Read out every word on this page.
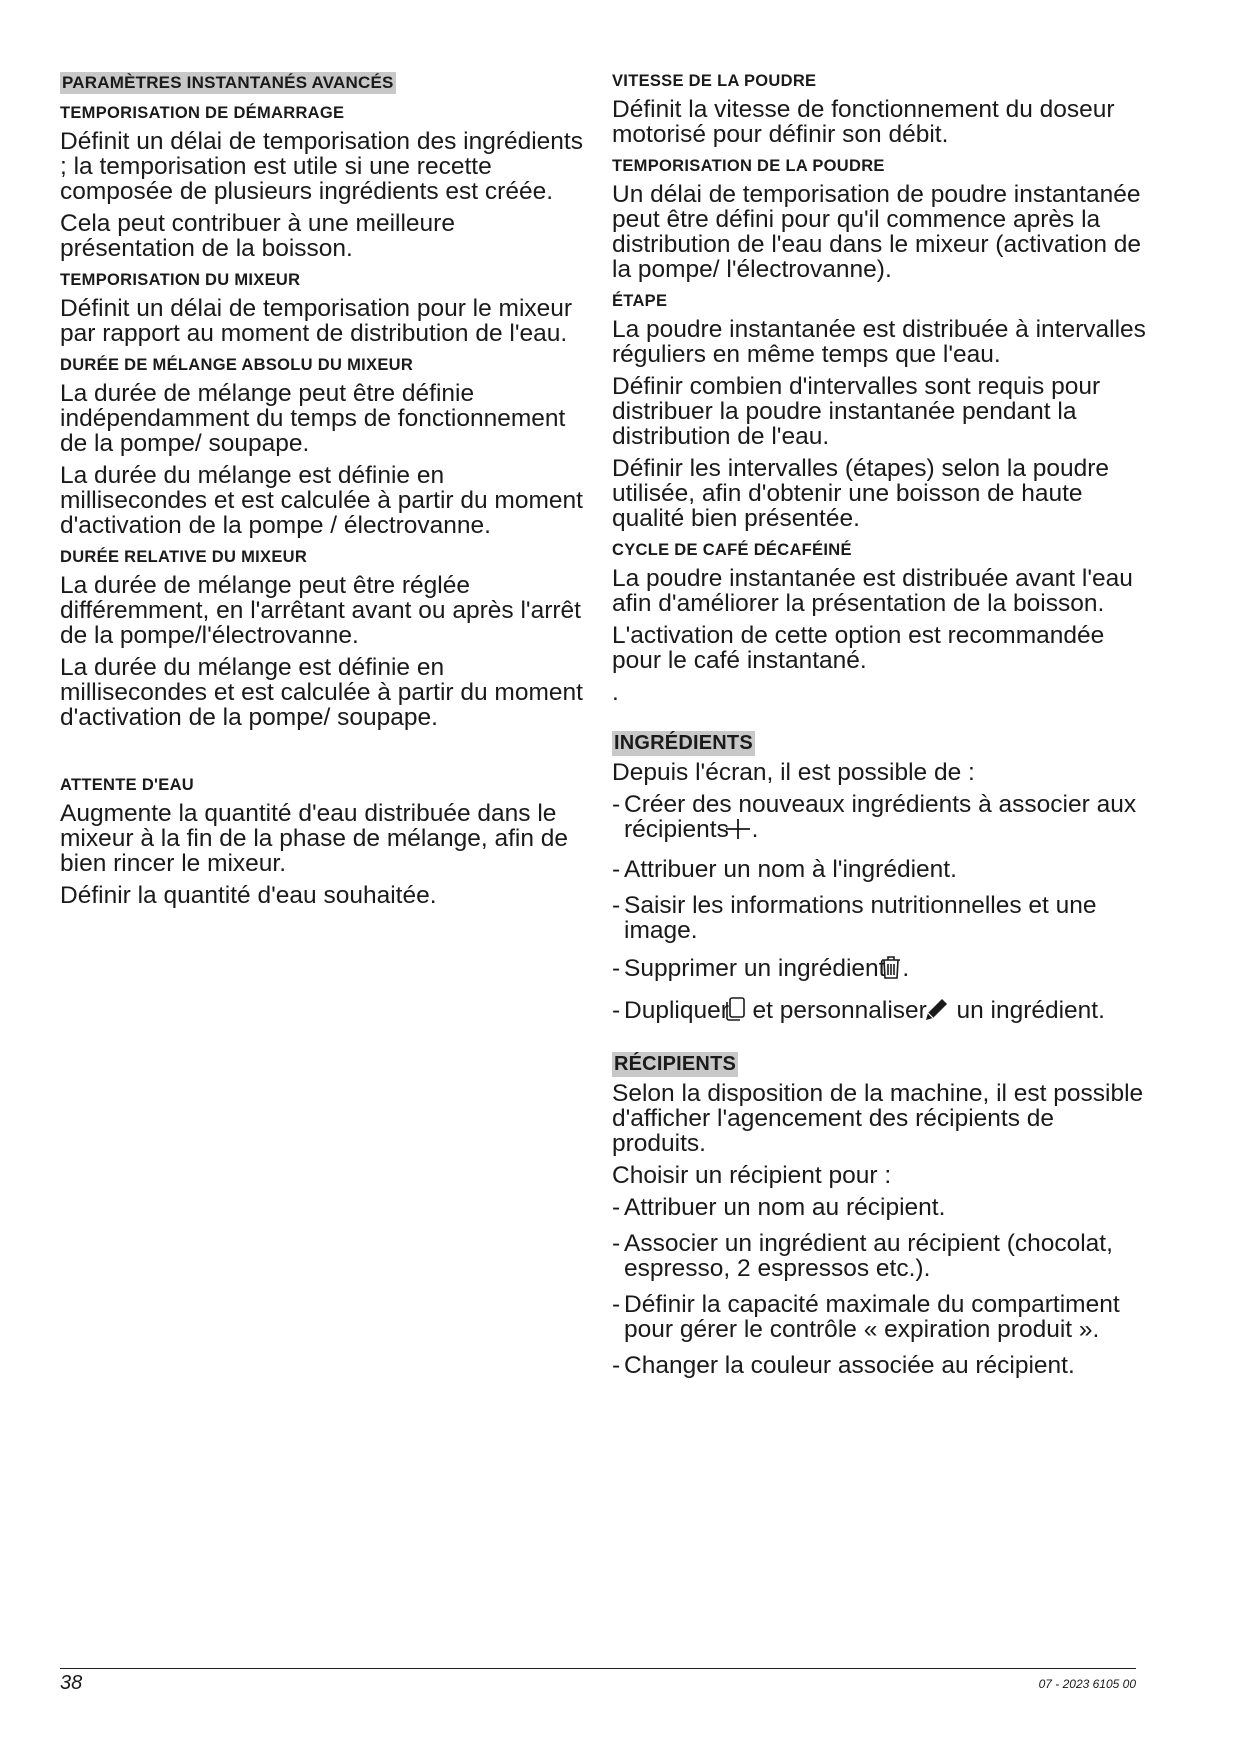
PARAMÈTRES INSTANTANÉS AVANCÉS
TEMPORISATION DE DÉMARRAGE

Définit un délai de temporisation des ingrédients ; la temporisation est utile si une recette composée de plusieurs ingrédients est créée.

Cela peut contribuer à une meilleure présentation de la boisson.

TEMPORISATION DU MIXEUR

Définit un délai de temporisation pour le mixeur par rapport au moment de distribution de l'eau.

DURÉE DE MÉLANGE ABSOLU DU MIXEUR

La durée de mélange peut être définie indépendamment du temps de fonctionnement de la pompe/ soupape.

La durée du mélange est définie en millisecondes et est calculée à partir du moment d'activation de la pompe / électrovanne.

DURÉE RELATIVE DU MIXEUR

La durée de mélange peut être réglée différemment, en l'arrêtant avant ou après l'arrêt de la pompe/l'électrovanne.

La durée du mélange est définie en millisecondes et est calculée à partir du moment d'activation de la pompe/ soupape.

ATTENTE D'EAU

Augmente la quantité d'eau distribuée dans le mixeur à la fin de la phase de mélange, afin de bien rincer le mixeur.

Définir la quantité d'eau souhaitée.

VITESSE DE LA POUDRE

Définit la vitesse de fonctionnement du doseur motorisé pour définir son débit.

TEMPORISATION DE LA POUDRE

Un délai de temporisation de poudre instantanée peut être défini pour qu'il commence après la distribution de l'eau dans le mixeur (activation de la pompe/ l'électrovanne).

ÉTAPE

La poudre instantanée est distribuée à intervalles réguliers en même temps que l'eau.

Définir combien d'intervalles sont requis pour distribuer la poudre instantanée pendant la distribution de l'eau.

Définir les intervalles (étapes) selon la poudre utilisée, afin d'obtenir une boisson de haute qualité bien présentée.

CYCLE DE CAFÉ DÉCAFÉINÉ

La poudre instantanée est distribuée avant l'eau afin d'améliorer la présentation de la boisson.

L'activation de cette option est recommandée pour le café instantané.

.
INGRÉDIENTS

Depuis l'écran, il est possible de :

- Créer des nouveaux ingrédients à associer aux récipients .
- Attribuer un nom à l'ingrédient.
- Saisir les informations nutritionnelles et une image.
- Supprimer un ingrédient .
- Dupliquer et personnaliser un ingrédient.
RÉCIPIENTS

Selon la disposition de la machine, il est possible d'afficher l'agencement des récipients de produits.

Choisir un récipient pour :

- Attribuer un nom au récipient.
- Associer un ingrédient au récipient (chocolat, espresso, 2 espressos etc.).
- Définir la capacité maximale du compartiment pour gérer le contrôle « expiration produit ».
- Changer la couleur associée au récipient.
38	07 - 2023 6105 00
